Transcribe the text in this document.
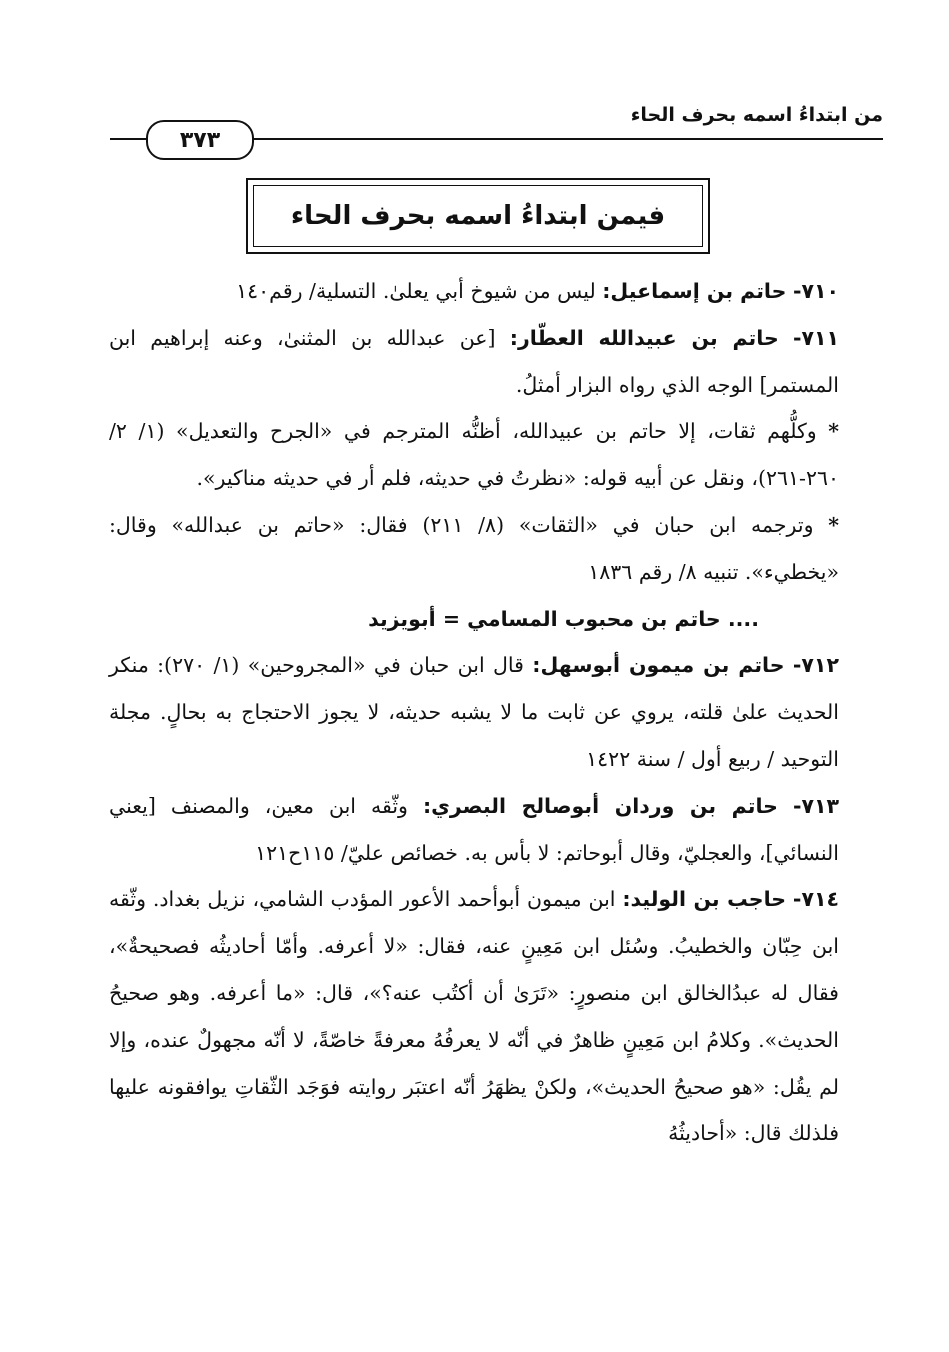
من ابتداءُ اسمه بحرف الحاء
٣٧٣
فيمن ابتداءُ اسمه بحرف الحاء

٧١٠- حاتم بن إسماعيل: ليس من شيوخ أبي يعلىٰ. التسلية/ رقم١٤٠

٧١١- حاتم بن عبيدالله العطّار: [عن عبدالله بن المثنىٰ، وعنه إبراهيم ابن المستمر] الوجه الذي رواه البزار أمثلُ.

* وكلُّهم ثقات، إلا حاتم بن عبيدالله، أظنُّه المترجم في «الجرح والتعديل» (١/ ٢/ ٢٦٠-٢٦١)، ونقل عن أبيه قوله: «نظرتُ في حديثه، فلم أر في حديثه مناكير».

* وترجمه ابن حبان في «الثقات» (٨/ ٢١١) فقال: «حاتم بن عبدالله» وقال: «يخطيء». تنبيه ٨/ رقم ١٨٣٦

.... حاتم بن محبوب المسامي = أبويزيد

٧١٢- حاتم بن ميمون أبوسهل: قال ابن حبان في «المجروحين» (١/ ٢٧٠): منكر الحديث علىٰ قلته، يروي عن ثابت ما لا يشبه حديثه، لا يجوز الاحتجاج به بحالٍ. مجلة التوحيد / ربيع أول / سنة ١٤٢٢

٧١٣- حاتم بن وردان أبوصالح البصري: وثّقه ابن معين، والمصنف [يعني النسائي]، والعجليّ، وقال أبوحاتم: لا بأس به. خصائص عليّ/ ١١٥ح١٢١

٧١٤- حاجب بن الوليد: ابن ميمون أبوأحمد الأعور المؤدب الشامي، نزيل بغداد. وثّقه ابن حِبّان والخطيبُ. وسُئل ابن مَعِينٍ عنه، فقال: «لا أعرفه. وأمّا أحاديثُه فصحيحةٌ»، فقال له عبدُالخالق ابن منصورٍ: «تَرَىٰ أن أكتُب عنه؟»، قال: «ما أعرفه. وهو صحيحُ الحديث». وكلامُ ابن مَعِينٍ ظاهرٌ في أنّه لا يعرفُهُ معرفةً خاصّةً، لا أنّه مجهولٌ عنده، وإلا لم يقُل: «هو صحيحُ الحديث»، ولكنْ يظهَرُ أنّه اعتبَر روايته فوَجَد الثّقاتِ يوافقونه عليها فلذلك قال: «أحاديثُهُ
